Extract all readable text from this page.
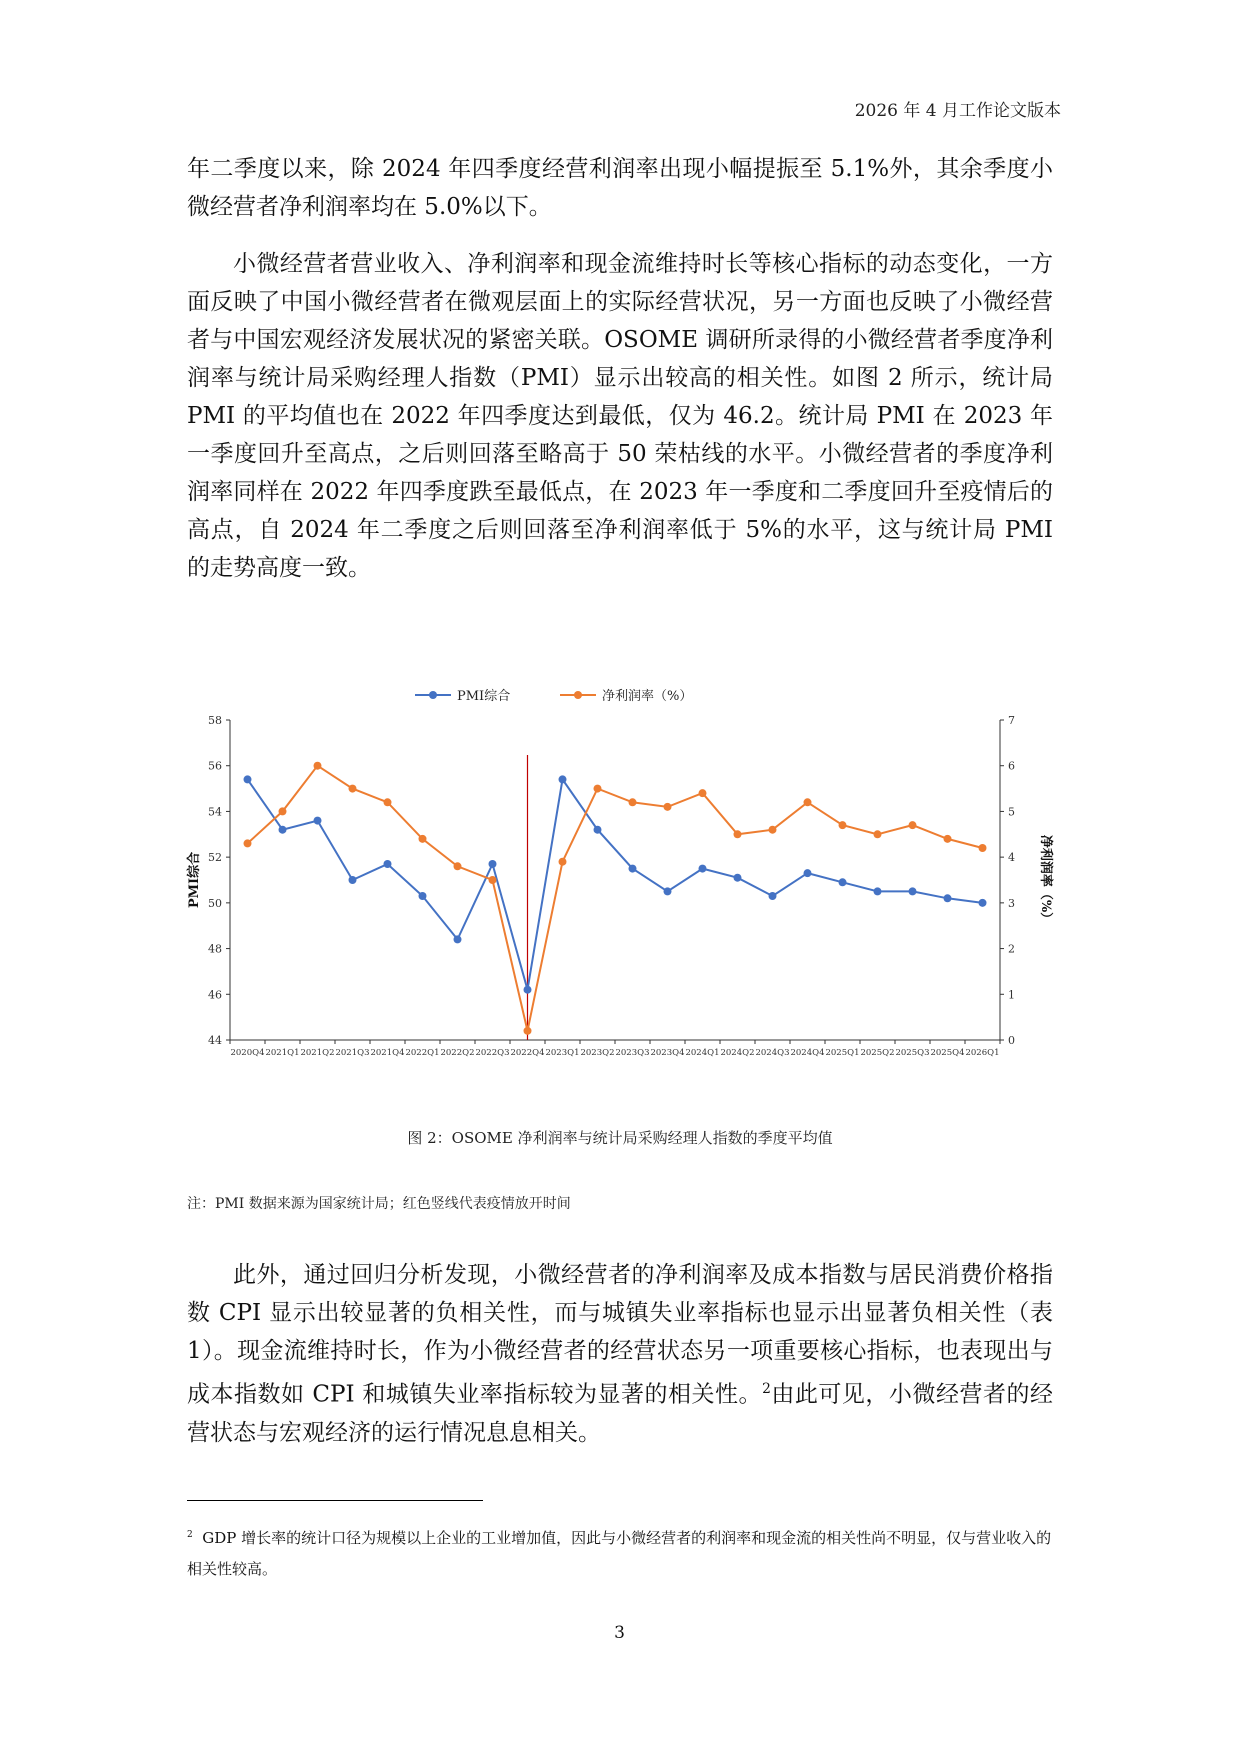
2026 年 4 月工作论文版本

年二季度以来，除 2024 年四季度经营利润率出现小幅提振至 5.1%外，其余季度小微经营者净利润率均在 5.0%以下。

小微经营者营业收入、净利润率和现金流维持时长等核心指标的动态变化，一方面反映了中国小微经营者在微观层面上的实际经营状况，另一方面也反映了小微经营者与中国宏观经济发展状况的紧密关联。OSOME 调研所录得的小微经营者季度净利润率与统计局采购经理人指数（PMI）显示出较高的相关性。如图 2 所示，统计局 PMI 的平均值也在 2022 年四季度达到最低，仅为 46.2。统计局 PMI 在 2023 年一季度回升至高点，之后则回落至略高于 50 荣枯线的水平。小微经营者的季度净利润率同样在 2022 年四季度跌至最低点，在 2023 年一季度和二季度回升至疫情后的高点，自 2024 年二季度之后则回落至净利润率低于 5%的水平，这与统计局 PMI 的走势高度一致。

44
46
48
50
52
54
56
58
0
1
2
3
4
5
6
7
2020Q4 2021Q1 2021Q2 2021Q3 2021Q4 2022Q1 2022Q2 2022Q3 2022Q4 2023Q1 2023Q2 2023Q3 2023Q4 2024Q1 2024Q2 2024Q3 2024Q4 2025Q1 2025Q2 2025Q3 2025Q4 2026Q1
PMI综合	净利润率（%）
PMI综合	净利润率（%）
图 2：OSOME 净利润率与统计局采购经理人指数的季度平均值
注：PMI 数据来源为国家统计局；红色竖线代表疫情放开时间

此外，通过回归分析发现，小微经营者的净利润率及成本指数与居民消费价格指数 CPI 显示出较显著的负相关性，而与城镇失业率指标也显示出显著负相关性（表 1）。现金流维持时长，作为小微经营者的经营状态另一项重要核心指标，也表现出与成本指数如 CPI 和城镇失业率指标较为显著的相关性。$^2$由此可见，小微经营者的经营状态与宏观经济的运行情况息息相关。

$^2$ GDP 增长率的统计口径为规模以上企业的工业增加值，因此与小微经营者的利润率和现金流的相关性尚不明显，仅与营业收入的相关性较高。
3
